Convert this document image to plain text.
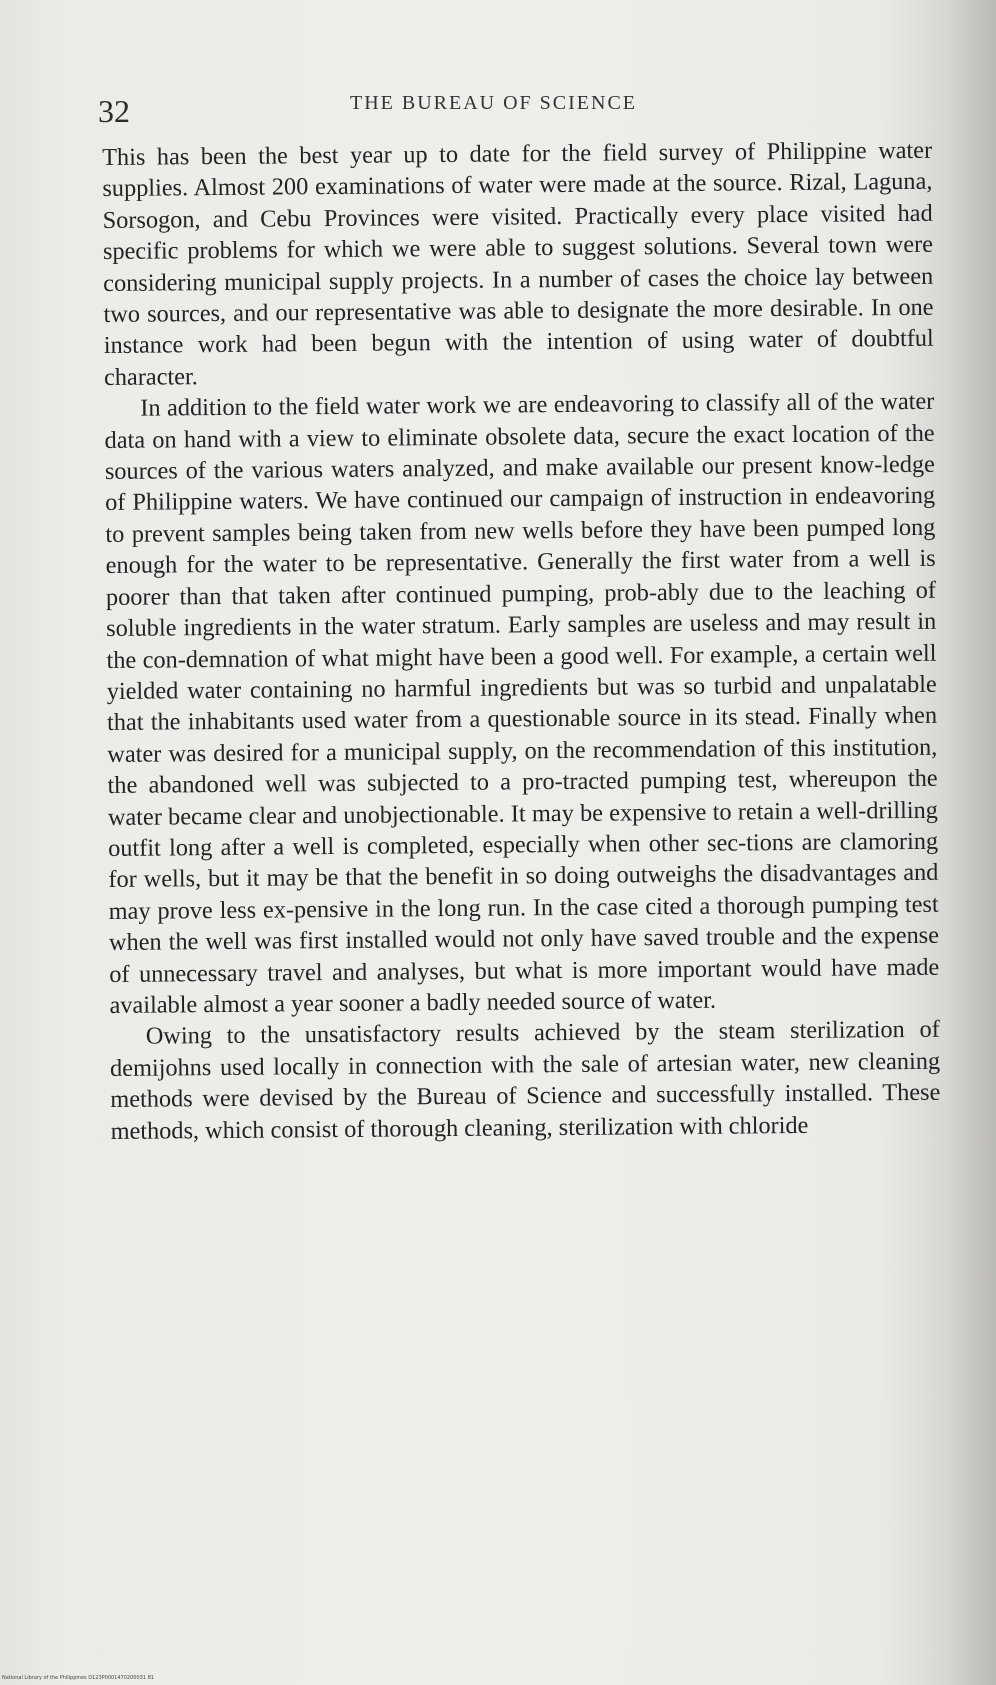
32	THE BUREAU OF SCIENCE

This has been the best year up to date for the field survey of Philippine water supplies. Almost 200 examinations of water were made at the source. Rizal, Laguna, Sorsogon, and Cebu Provinces were visited. Practically every place visited had specific problems for which we were able to suggest solutions. Several town were considering municipal supply projects. In a number of cases the choice lay between two sources, and our representative was able to designate the more desirable. In one instance work had been begun with the intention of using water of doubtful character.

In addition to the field water work we are endeavoring to classify all of the water data on hand with a view to eliminate obsolete data, secure the exact location of the sources of the various waters analyzed, and make available our present know-ledge of Philippine waters. We have continued our campaign of instruction in endeavoring to prevent samples being taken from new wells before they have been pumped long enough for the water to be representative. Generally the first water from a well is poorer than that taken after continued pumping, prob-ably due to the leaching of soluble ingredients in the water stratum. Early samples are useless and may result in the con-demnation of what might have been a good well. For example, a certain well yielded water containing no harmful ingredients but was so turbid and unpalatable that the inhabitants used water from a questionable source in its stead. Finally when water was desired for a municipal supply, on the recommendation of this institution, the abandoned well was subjected to a pro-tracted pumping test, whereupon the water became clear and unobjectionable. It may be expensive to retain a well-drilling outfit long after a well is completed, especially when other sec-tions are clamoring for wells, but it may be that the benefit in so doing outweighs the disadvantages and may prove less ex-pensive in the long run. In the case cited a thorough pumping test when the well was first installed would not only have saved trouble and the expense of unnecessary travel and analyses, but what is more important would have made available almost a year sooner a badly needed source of water.

Owing to the unsatisfactory results achieved by the steam sterilization of demijohns used locally in connection with the sale of artesian water, new cleaning methods were devised by the Bureau of Science and successfully installed. These methods, which consist of thorough cleaning, sterilization with chloride

National Library of the Philippines D123P0001470200031 81
